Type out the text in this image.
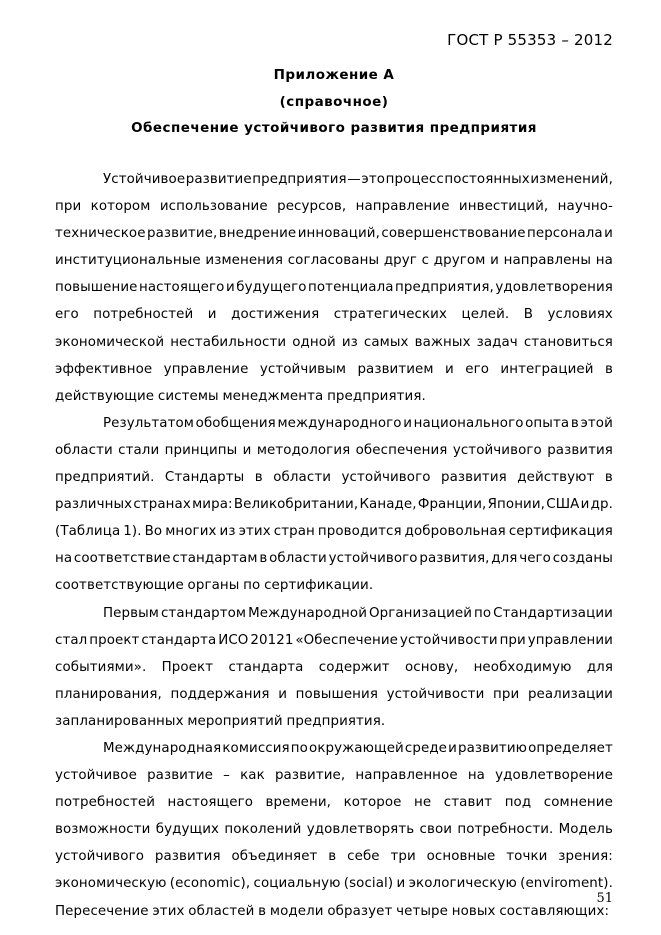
ГОСТ Р 55353 – 2012
Приложение А
(справочное)
Обеспечение устойчивого развития предприятия
Устойчивое развитие предприятия — это процесс постоянных изменений,
при котором использование ресурсов, направление инвестиций, научно-
техническое развитие, внедрение инноваций, совершенствование персонала и
институциональные изменения согласованы друг с другом и направлены на
повышение настоящего и будущего потенциала предприятия, удовлетворения
его потребностей и достижения стратегических целей. В условиях
экономической нестабильности одной из самых важных задач становиться
эффективное управление устойчивым развитием и его интеграцией в
действующие системы менеджмента предприятия.
Результатом обобщения международного и национального опыта в этой
области стали принципы и методология обеспечения устойчивого развития
предприятий. Стандарты в области устойчивого развития действуют в
различных странах мира: Великобритании, Канаде, Франции, Японии, США и др.
(Таблица 1). Во многих из этих стран проводится добровольная сертификация
на соответствие стандартам в области устойчивого развития, для чего созданы
соответствующие органы по сертификации.
Первым стандартом Международной Организацией по Стандартизации
стал проект стандарта ИСО 20121 «Обеспечение устойчивости при управлении
событиями». Проект стандарта содержит основу, необходимую для
планирования, поддержания и повышения устойчивости при реализации
запланированных мероприятий предприятия.
Международная комиссия по окружающей среде и развитию определяет
устойчивое развитие – как развитие, направленное на удовлетворение
потребностей настоящего времени, которое не ставит под сомнение
возможности будущих поколений удовлетворять свои потребности. Модель
устойчивого развития объединяет в себе три основные точки зрения:
экономическую (economic), социальную (social) и экологическую (enviroment).
Пересечение этих областей в модели образует четыре новых составляющих:
51
